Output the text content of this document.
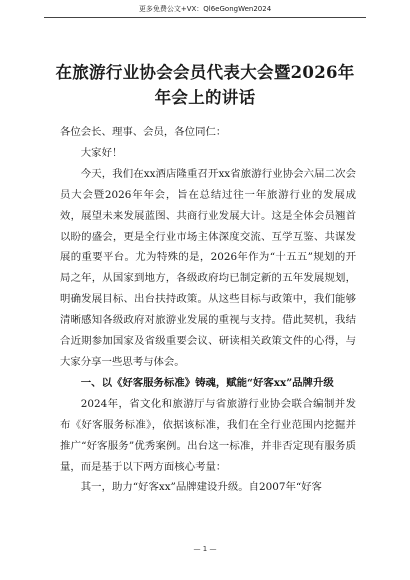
更多免费公文+VX：Ql6eGongWen2024
在旅游行业协会会员代表大会暨2026年
年会上的讲话

各位会长、理事、会员，各位同仁：

大家好！

今天，我们在xx酒店隆重召开xx省旅游行业协会六届二次会员大会暨2026年年会，旨在总结过往一年旅游行业的发展成效，展望未来发展蓝图、共商行业发展大计。这是全体会员翘首以盼的盛会，更是全行业市场主体深度交流、互学互鉴、共谋发展的重要平台。尤为特殊的是，2026年作为“十五五”规划的开局之年，从国家到地方，各级政府均已制定新的五年发展规划，明确发展目标、出台扶持政策。从这些目标与政策中，我们能够清晰感知各级政府对旅游业发展的重视与支持。借此契机，我结合近期参加国家及省级重要会议、研读相关政策文件的心得，与大家分享一些思考与体会。

一、以《好客服务标准》铸魂，赋能“好客xx”品牌升级

2024年，省文化和旅游厅与省旅游行业协会联合编制并发布《好客服务标准》，依据该标准，我们在全行业范围内挖掘并推广“好客服务”优秀案例。出台这一标准，并非否定现有服务质量，而是基于以下两方面核心考量：

其一，助力“好客xx”品牌建设升级。自2007年“好客

— 1 —
